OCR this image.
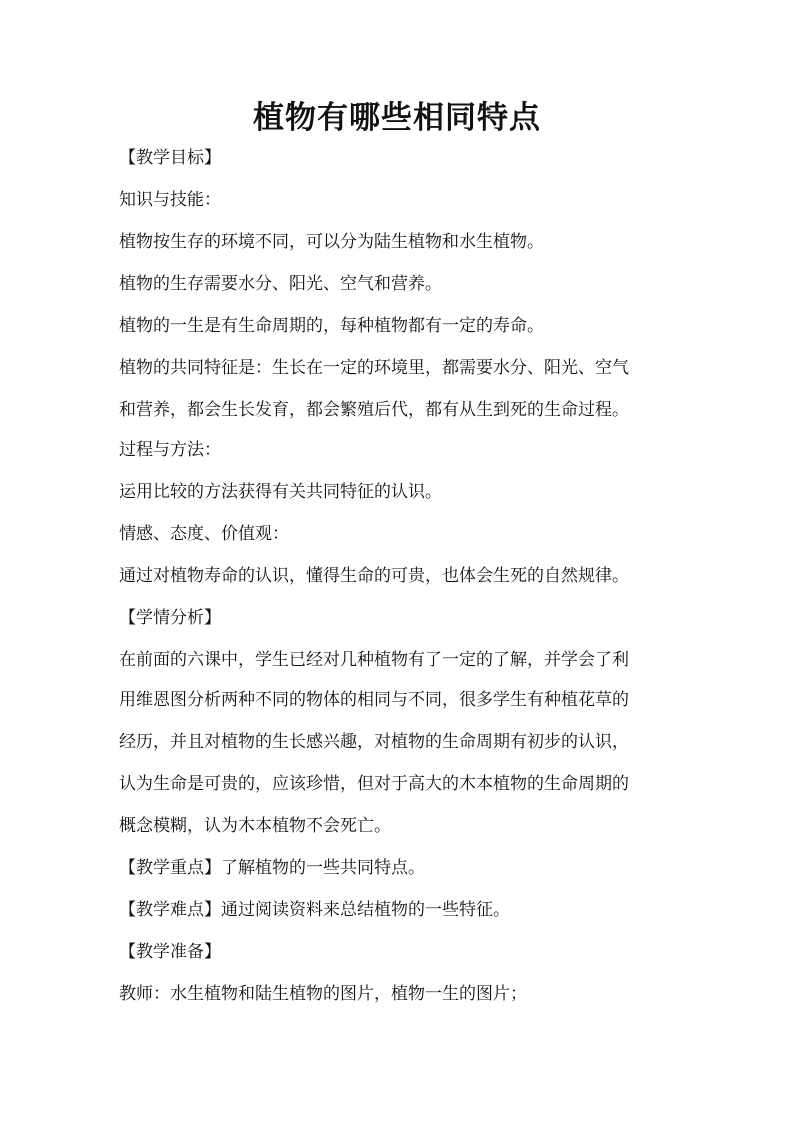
植物有哪些相同特点

【教学目标】

知识与技能：

植物按生存的环境不同，可以分为陆生植物和水生植物。

植物的生存需要水分、阳光、空气和营养。

植物的一生是有生命周期的，每种植物都有一定的寿命。

植物的共同特征是：生长在一定的环境里，都需要水分、阳光、空气

和营养，都会生长发育，都会繁殖后代，都有从生到死的生命过程。

过程与方法：

运用比较的方法获得有关共同特征的认识。

情感、态度、价值观：

通过对植物寿命的认识，懂得生命的可贵，也体会生死的自然规律。

【学情分析】

在前面的六课中，学生已经对几种植物有了一定的了解，并学会了利

用维恩图分析两种不同的物体的相同与不同，很多学生有种植花草的

经历，并且对植物的生长感兴趣，对植物的生命周期有初步的认识，

认为生命是可贵的，应该珍惜，但对于高大的木本植物的生命周期的

概念模糊，认为木本植物不会死亡。

【教学重点】了解植物的一些共同特点。

【教学难点】通过阅读资料来总结植物的一些特征。

【教学准备】

教师：水生植物和陆生植物的图片，植物一生的图片；
